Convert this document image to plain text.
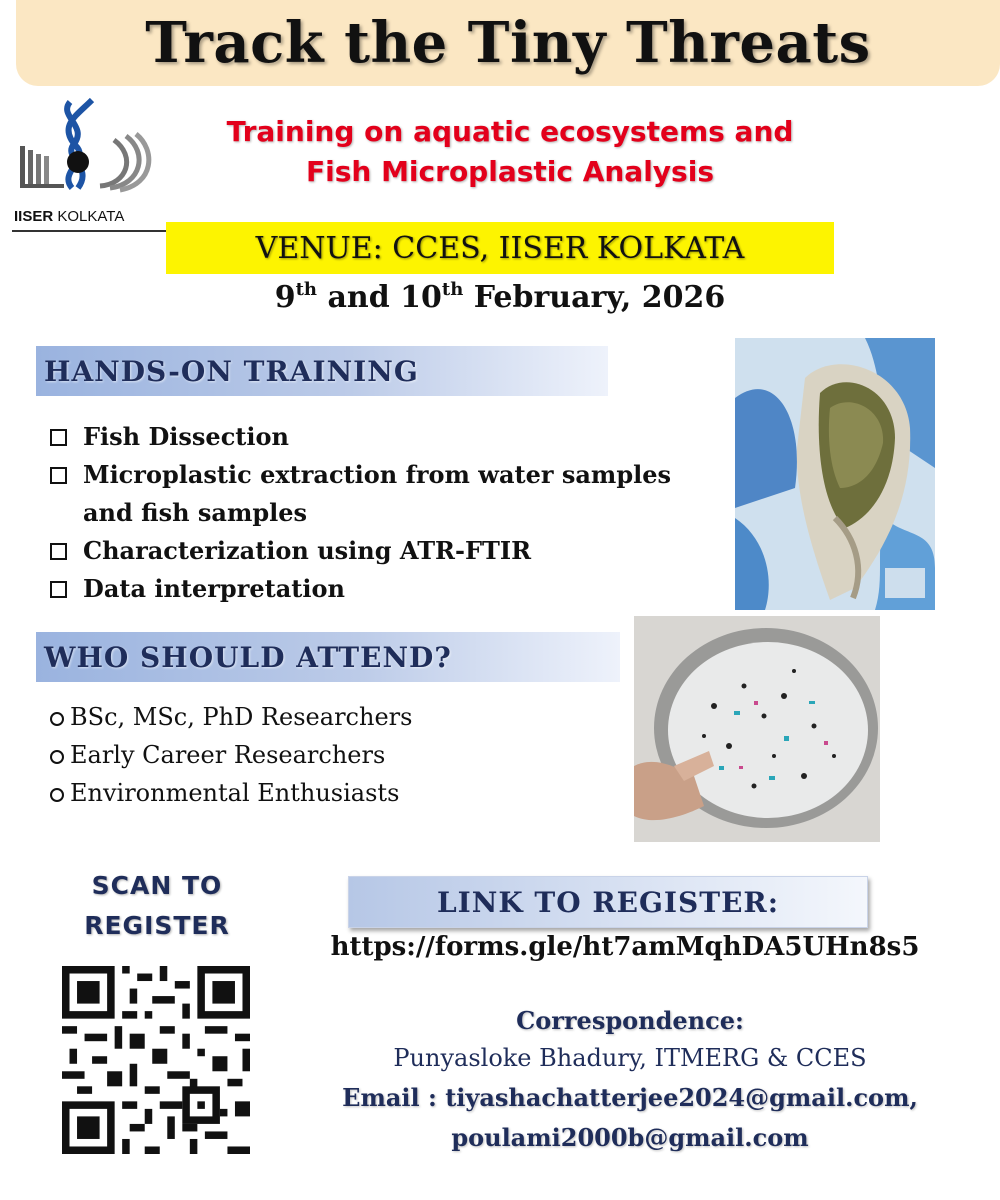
Track the Tiny Threats
IISER KOLKATA
Training on aquatic ecosystems and
Fish Microplastic Analysis
VENUE: CCES, IISER KOLKATA
9th and 10th February, 2026
HANDS-ON TRAINING
Fish Dissection
Microplastic extraction from water samples
and fish samples
Characterization using ATR-FTIR
Data interpretation
WHO SHOULD ATTEND?
BSc, MSc, PhD Researchers
Early Career Researchers
Environmental Enthusiasts
SCAN TO
REGISTER
LINK TO REGISTER:
https://forms.gle/ht7amMqhDA5UHn8s5
Correspondence:
Punyasloke Bhadury, ITMERG & CCES
Email : tiyashachatterjee2024@gmail.com,
poulami2000b@gmail.com
